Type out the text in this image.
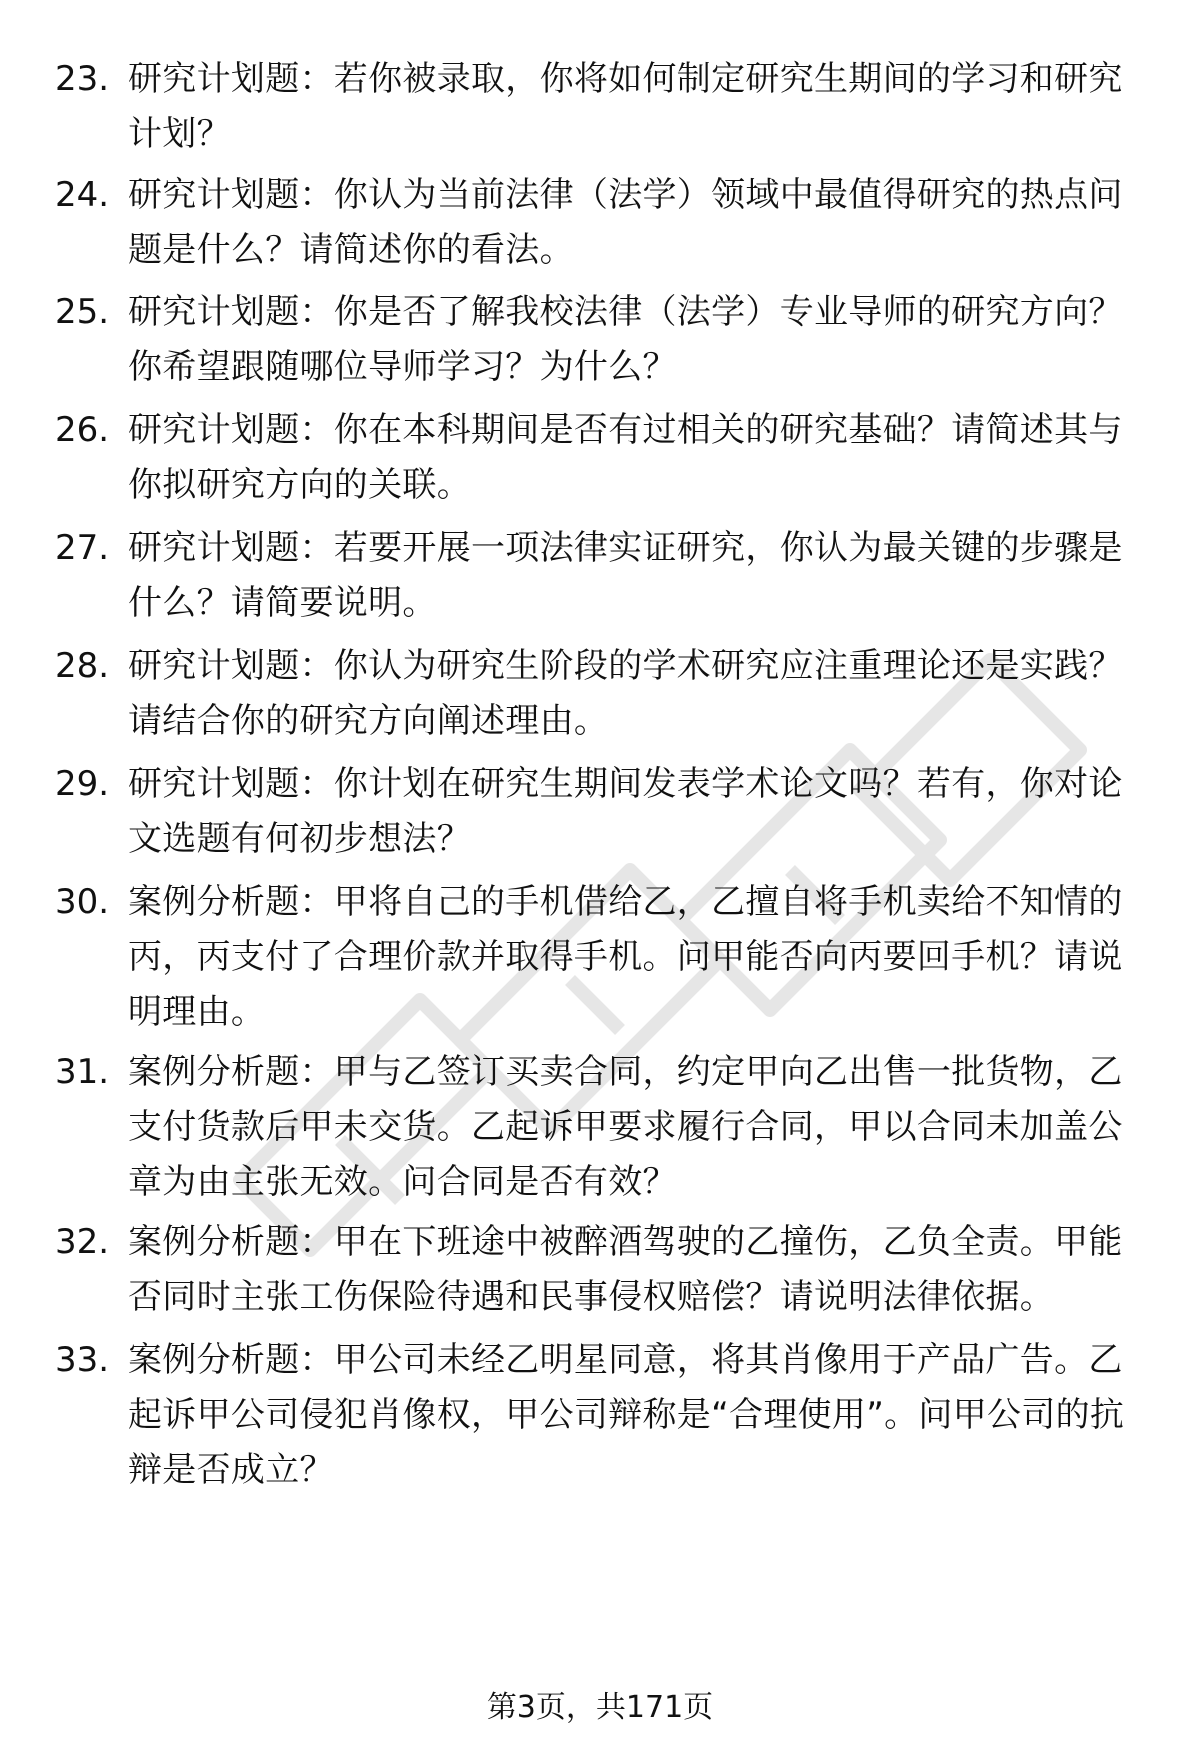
23. 研究计划题：若你被录取，你将如何制定研究生期间的学习和研究计划？
24. 研究计划题：你认为当前法律（法学）领域中最值得研究的热点问题是什么？请简述你的看法。
25. 研究计划题：你是否了解我校法律（法学）专业导师的研究方向？你希望跟随哪位导师学习？为什么？
26. 研究计划题：你在本科期间是否有过相关的研究基础？请简述其与你拟研究方向的关联。
27. 研究计划题：若要开展一项法律实证研究，你认为最关键的步骤是什么？请简要说明。
28. 研究计划题：你认为研究生阶段的学术研究应注重理论还是实践？请结合你的研究方向阐述理由。
29. 研究计划题：你计划在研究生期间发表学术论文吗？若有，你对论文选题有何初步想法？
30. 案例分析题：甲将自己的手机借给乙，乙擅自将手机卖给不知情的丙，丙支付了合理价款并取得手机。问甲能否向丙要回手机？请说明理由。
31. 案例分析题：甲与乙签订买卖合同，约定甲向乙出售一批货物，乙支付货款后甲未交货。乙起诉甲要求履行合同，甲以合同未加盖公章为由主张无效。问合同是否有效？
32. 案例分析题：甲在下班途中被醉酒驾驶的乙撞伤，乙负全责。甲能否同时主张工伤保险待遇和民事侵权赔偿？请说明法律依据。
33. 案例分析题：甲公司未经乙明星同意，将其肖像用于产品广告。乙起诉甲公司侵犯肖像权，甲公司辩称是“合理使用”。问甲公司的抗辩是否成立？
第3页，共171页
